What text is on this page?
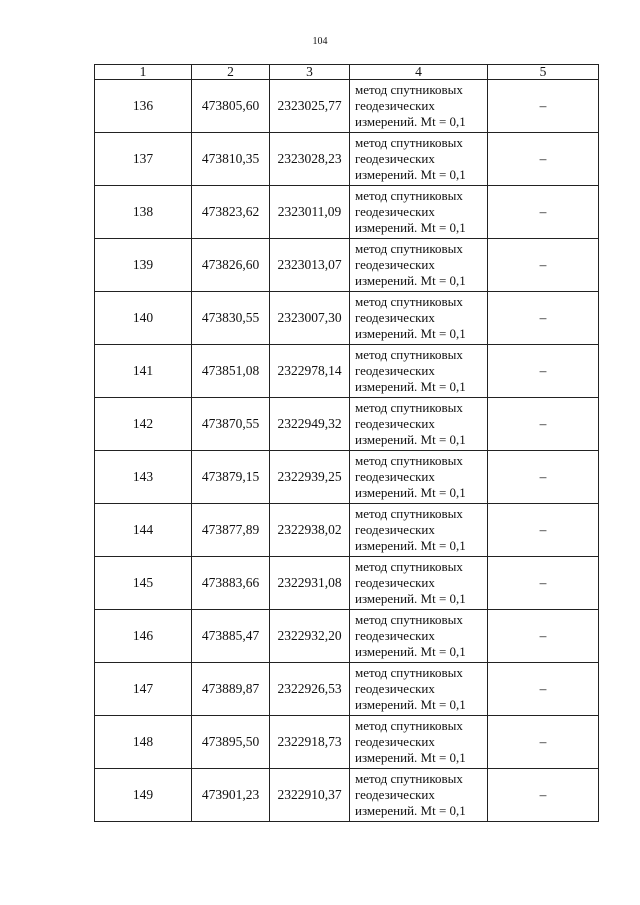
104
1	2	3	4	5
136	473805,60	2323025,77	метод спутниковых геодезических измерений. Mt = 0,1	–
137	473810,35	2323028,23	метод спутниковых геодезических измерений. Mt = 0,1	–
138	473823,62	2323011,09	метод спутниковых геодезических измерений. Mt = 0,1	–
139	473826,60	2323013,07	метод спутниковых геодезических измерений. Mt = 0,1	–
140	473830,55	2323007,30	метод спутниковых геодезических измерений. Mt = 0,1	–
141	473851,08	2322978,14	метод спутниковых геодезических измерений. Mt = 0,1	–
142	473870,55	2322949,32	метод спутниковых геодезических измерений. Mt = 0,1	–
143	473879,15	2322939,25	метод спутниковых геодезических измерений. Mt = 0,1	–
144	473877,89	2322938,02	метод спутниковых геодезических измерений. Mt = 0,1	–
145	473883,66	2322931,08	метод спутниковых геодезических измерений. Mt = 0,1	–
146	473885,47	2322932,20	метод спутниковых геодезических измерений. Mt = 0,1	–
147	473889,87	2322926,53	метод спутниковых геодезических измерений. Mt = 0,1	–
148	473895,50	2322918,73	метод спутниковых геодезических измерений. Mt = 0,1	–
149	473901,23	2322910,37	метод спутниковых геодезических измерений. Mt = 0,1	–
